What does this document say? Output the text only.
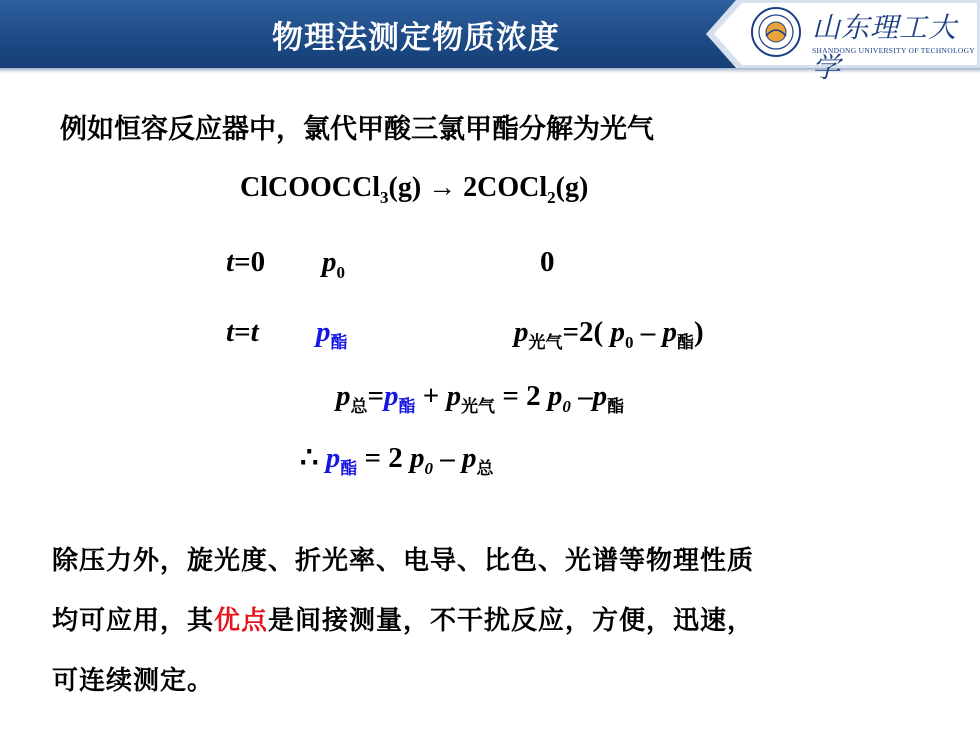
物理法测定物质浓度	山东理工大学
SHANDONG UNIVERSITY OF TECHNOLOGY
例如恒容反应器中，氯代甲酸三氯甲酯分解为光气
ClCOOCCl$_3$(g) → 2COCl$_2$(g)
t=0 $p_0$	0
t=t $p_酯$	$p_{光气}=2$( $p_0 - p_酯$)
$p_总=p_酯 + p_{光气} = 2$ $p_0$ $-p_酯$
∴ $p_酯 = 2$ $p_0 - p_总$
除压力外，旋光度、折光率、电导、比色、光谱等物理性质
均可应用，其优点是间接测量，不干扰反应，方便，迅速，
可连续测定。
